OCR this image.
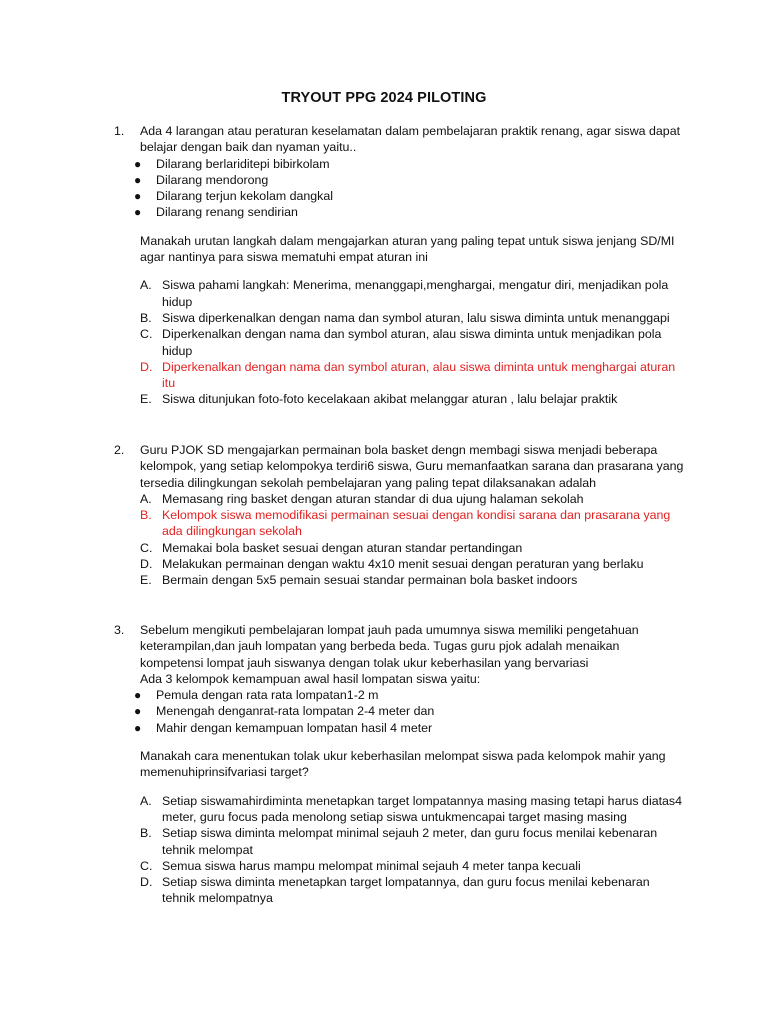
TRYOUT PPG 2024 PILOTING
1. Ada 4 larangan atau peraturan keselamatan dalam pembelajaran praktik renang, agar siswa dapat belajar dengan baik dan nyaman yaitu..
● Dilarang berlariditepi bibirkolam
● Dilarang mendorong
● Dilarang terjun kekolam dangkal
● Dilarang renang sendirian
Manakah urutan langkah dalam mengajarkan aturan yang paling tepat untuk siswa jenjang SD/MI agar nantinya para siswa mematuhi empat aturan ini
A. Siswa pahami langkah: Menerima, menanggapi,menghargai, mengatur diri, menjadikan pola hidup
B. Siswa diperkenalkan dengan nama dan symbol aturan, lalu siswa diminta untuk menanggapi
C. Diperkenalkan dengan nama dan symbol aturan, alau siswa diminta untuk menjadikan pola hidup
D. Diperkenalkan dengan nama dan symbol aturan, alau siswa diminta untuk menghargai aturan itu
E. Siswa ditunjukan foto-foto kecelakaan akibat melanggar aturan , lalu belajar praktik
2. Guru PJOK SD mengajarkan permainan bola basket dengn membagi siswa menjadi beberapa kelompok, yang setiap kelompokya terdiri6 siswa, Guru memanfaatkan sarana dan prasarana yang tersedia dilingkungan sekolah pembelajaran yang paling tepat dilaksanakan adalah
A. Memasang ring basket dengan aturan standar di dua ujung halaman sekolah
B. Kelompok siswa memodifikasi permainan sesuai dengan kondisi sarana dan prasarana yang ada dilingkungan sekolah
C. Memakai bola basket sesuai dengan aturan standar pertandingan
D. Melakukan permainan dengan waktu 4x10 menit sesuai dengan peraturan yang berlaku
E. Bermain dengan 5x5 pemain sesuai standar permainan bola basket indoors
3. Sebelum mengikuti pembelajaran lompat jauh pada umumnya siswa memiliki pengetahuan keterampilan,dan jauh lompatan yang berbeda beda. Tugas guru pjok adalah menaikan kompetensi lompat jauh siswanya dengan tolak ukur keberhasilan yang bervariasi
Ada 3 kelompok kemampuan awal hasil lompatan siswa yaitu:
● Pemula dengan rata rata lompatan1-2 m
● Menengah denganrat-rata lompatan 2-4 meter dan
● Mahir dengan kemampuan lompatan hasil 4 meter
Manakah cara menentukan tolak ukur keberhasilan melompat siswa pada kelompok mahir yang memenuhiprinsifvariasi target?
A. Setiap siswamahirdiminta menetapkan target lompatannya masing masing tetapi harus diatas4 meter, guru focus pada menolong setiap siswa untukmencapai target masing masing
B. Setiap siswa diminta melompat minimal sejauh 2 meter, dan guru focus menilai kebenaran tehnik melompat
C. Semua siswa harus mampu melompat minimal sejauh 4 meter tanpa kecuali
D. Setiap siswa diminta menetapkan target lompatannya, dan guru focus menilai kebenaran tehnik melompatnya
